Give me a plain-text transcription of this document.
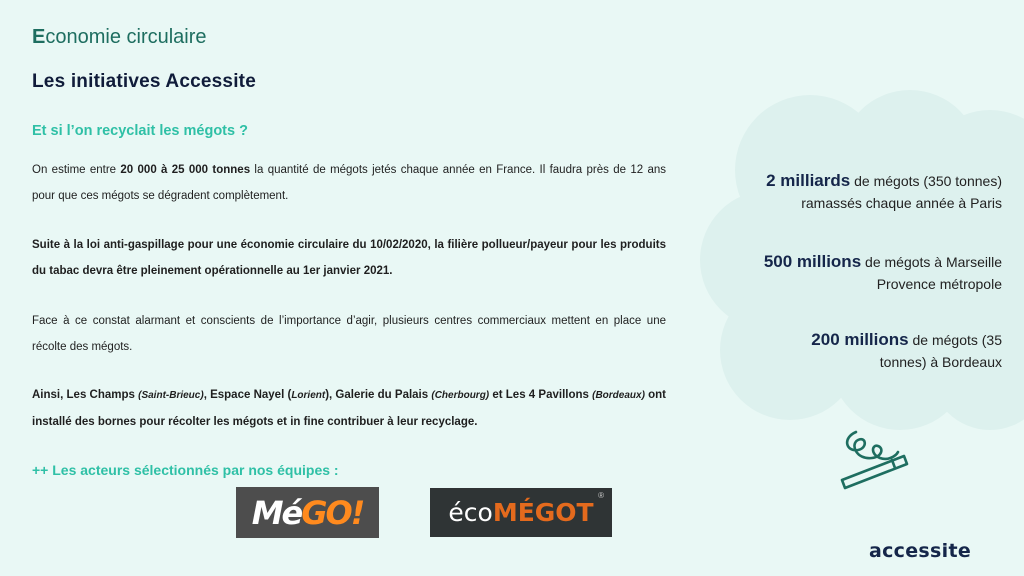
Economie circulaire
Les initiatives Accessite
Et si l’on recyclait les mégots ?
On estime entre 20 000 à 25 000 tonnes la quantité de mégots jetés chaque année en France. Il faudra près de 12 ans pour que ces mégots se dégradent complètement.
Suite à la loi anti-gaspillage pour une économie circulaire du 10/02/2020, la filière pollueur/payeur pour les produits du tabac devra être pleinement opérationnelle au 1er janvier 2021.
Face à ce constat alarmant et conscients de l’importance d’agir, plusieurs centres commerciaux mettent en place une récolte des mégots.
Ainsi, Les Champs (Saint-Brieuc), Espace Nayel (Lorient), Galerie du Palais (Cherbourg) et Les 4 Pavillons (Bordeaux) ont installé des bornes pour récolter les mégots et in fine contribuer à leur recyclage.
++ Les acteurs sélectionnés par nos équipes :
MéGO!	écoMÉGOT
®
2 milliards de mégots (350 tonnes)
ramassés chaque année à Paris
500 millions de mégots à Marseille
Provence métropole
200 millions de mégots (35
tonnes) à Bordeaux
accessite
